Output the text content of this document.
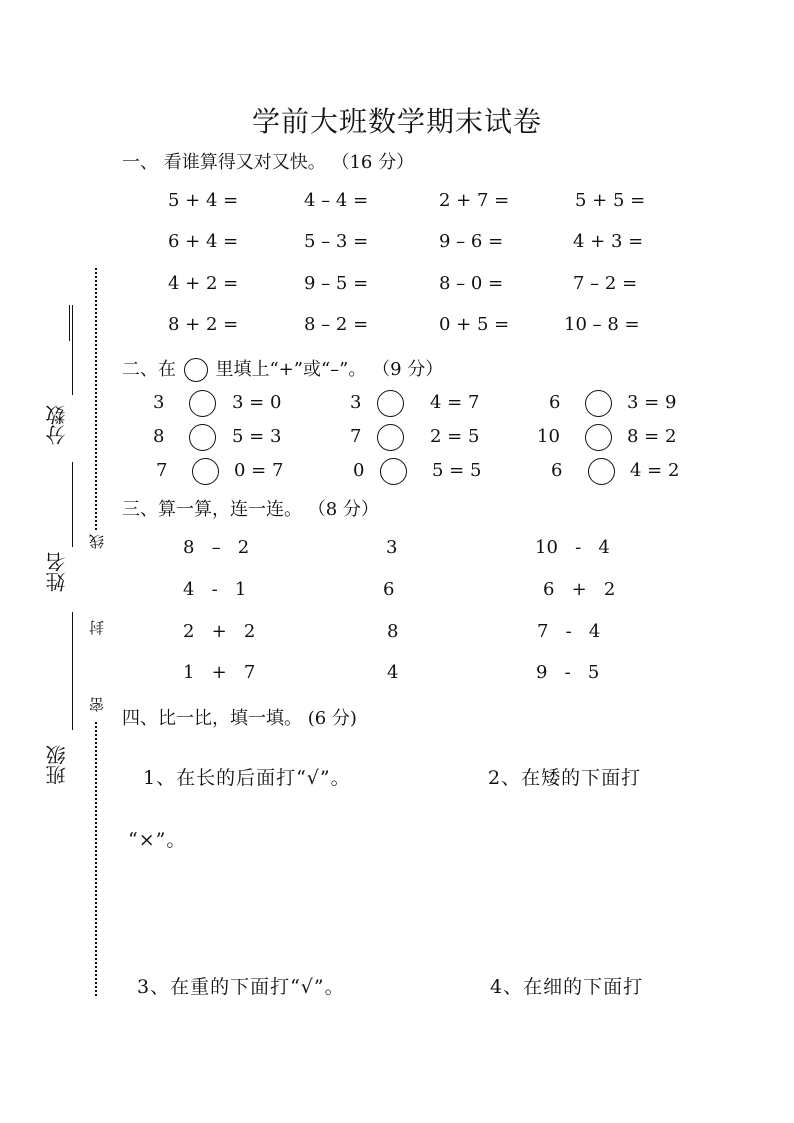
学前大班数学期末试卷
分数
姓名
班级
线
封
密
一、 看谁算得又对又快。 （16 分）
5 + 4 =	4 – 4 =	2 + 7 =	5 + 5 =
6 + 4 =	5 – 3 =	9 – 6 =	4 + 3 =
4 + 2 =	9 – 5 =	8 – 0 =	7 – 2 =
8 + 2 =	8 – 2 =	0 + 5 =	10 – 8 =
二、在 里填上“+”或“–”。 （9 分）
3	3 = 0	3	4 = 7	6	3 = 9
8	5 = 3	7	2 = 5	10	8 = 2
7	0 = 7	0	5 = 5	6	4 = 2
三、算一算，连一连。 （8 分）
8   –   2	3	10   -   4
4   -   1	6	6   +   2
2   +   2	8	7   -   4
1   +   7	4	9   -   5
四、比一比，填一填。 (6 分)
1、在长的后面打“√”。	2、在矮的下面打
“×”。
3、在重的下面打“√”。	4、在细的下面打
